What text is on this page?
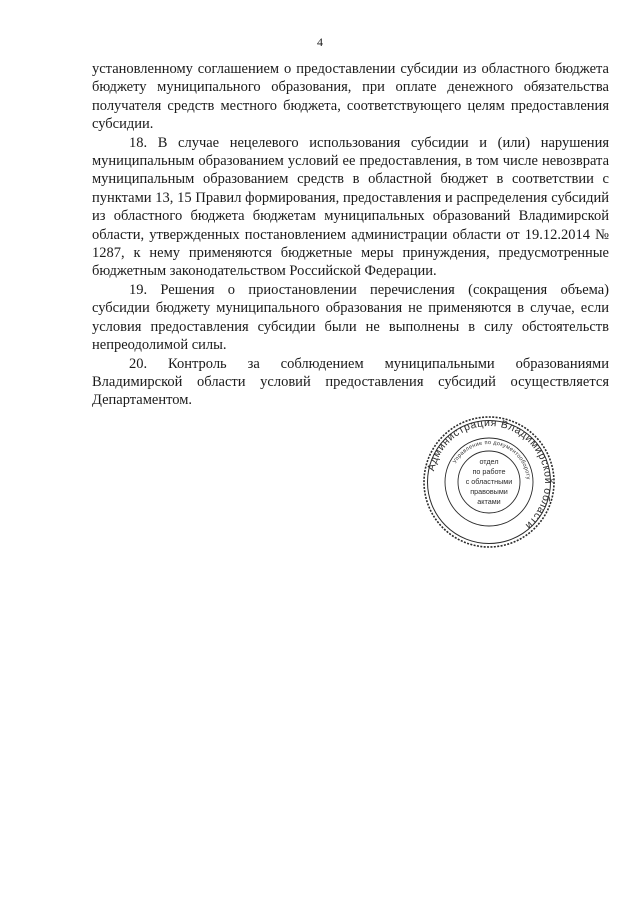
4

установленному соглашением о предоставлении субсидии из областного бюджета бюджету муниципального образования, при оплате денежного обязательства получателя средств местного бюджета, соответствующего целям предоставления субсидии.

18. В случае нецелевого использования субсидии и (или) нарушения муниципальным образованием условий ее предоставления, в том числе невозврата муниципальным образованием средств в областной бюджет в соответствии с пунктами 13, 15 Правил формирования, предоставления и распределения субсидий из областного бюджета бюджетам муниципальных образований Владимирской области, утвержденных постановлением администрации области от 19.12.2014 № 1287, к нему применяются бюджетные меры принуждения, предусмотренные бюджетным законодательством Российской Федерации.

19. Решения о приостановлении перечисления (сокращения объема) субсидии бюджету муниципального образования не применяются в случае, если условия предоставления субсидии были не выполнены в силу обстоятельств непреодолимой силы.

20. Контроль за соблюдением муниципальными образованиями Владимирской области условий предоставления субсидий осуществляется Департаментом.

Администрация Владимирской области
Управление по документообороту
отдел
по работе
с областными
правовыми
актами
